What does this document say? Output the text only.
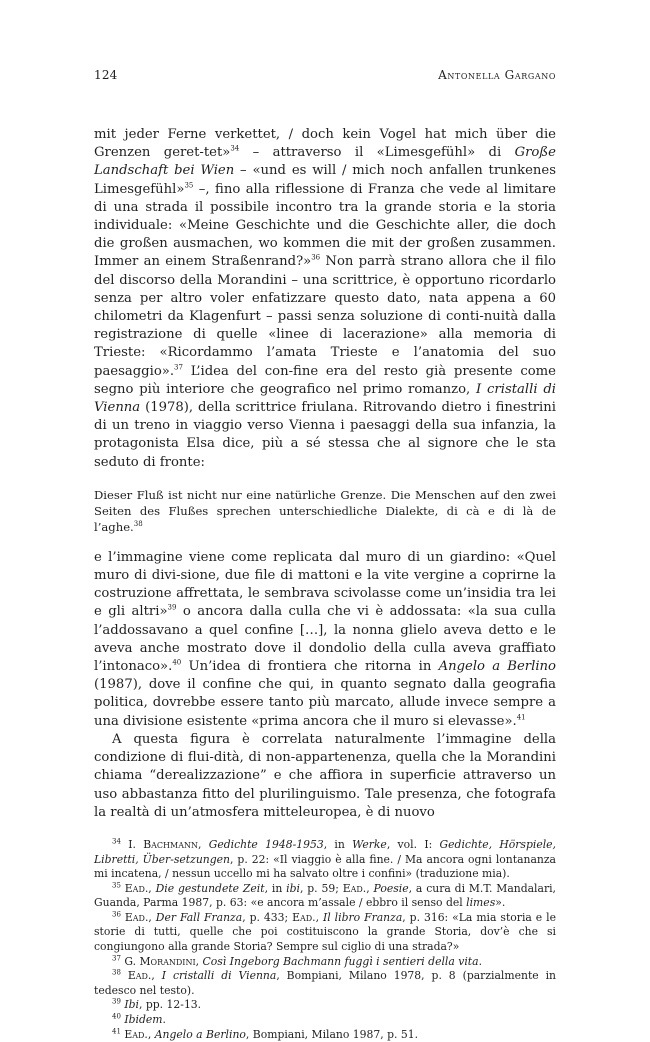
124	Antonella Gargano

mit jeder Ferne verkettet, / doch kein Vogel hat mich über die Grenzen geret-tet»$^{34}$ – attraverso il «Limesgefühl» di Große Landschaft bei Wien – «und es will / mich noch anfallen trunkenes Limesgefühl»$^{35}$ –, fino alla riflessione di Franza che vede al limitare di una strada il possibile incontro tra la grande storia e la storia individuale: «Meine Geschichte und die Geschichte aller, die doch die großen ausmachen, wo kommen die mit der großen zusammen. Immer an einem Straßenrand?»$^{36}$ Non parrà strano allora che il filo del discorso della Morandini – una scrittrice, è opportuno ricordarlo senza per altro voler enfatizzare questo dato, nata appena a 60 chilometri da Klagenfurt – passi senza soluzione di conti-nuità dalla registrazione di quelle «linee di lacerazione» alla memoria di Trieste: «Ricordammo l’amata Trieste e l’anatomia del suo paesaggio».$^{37}$ L’idea del con-fine era del resto già presente come segno più interiore che geografico nel primo romanzo, I cristalli di Vienna (1978), della scrittrice friulana. Ritrovando dietro i finestrini di un treno in viaggio verso Vienna i paesaggi della sua infanzia, la protagonista Elsa dice, più a sé stessa che al signore che le sta seduto di fronte:

Dieser Fluß ist nicht nur eine natürliche Grenze. Die Menschen auf den zwei Seiten des Flußes sprechen unterschiedliche Dialekte, di cà e di là de l’aghe.$^{38}$

e l’immagine viene come replicata dal muro di un giardino: «Quel muro di divi-sione, due file di mattoni e la vite vergine a coprirne la costruzione affrettata, le sembrava scivolasse come un’insidia tra lei e gli altri»$^{39}$ o ancora dalla culla che vi è addossata: «la sua culla l’addossavano a quel confine […], la nonna glielo aveva detto e le aveva anche mostrato dove il dondolio della culla aveva graffiato l’intonaco».$^{40}$ Un’idea di frontiera che ritorna in Angelo a Berlino (1987), dove il confine che qui, in quanto segnato dalla geografia politica, dovrebbe essere tanto più marcato, allude invece sempre a una divisione esistente «prima ancora che il muro si elevasse».$^{41}$

A questa figura è correlata naturalmente l’immagine della condizione di flui-dità, di non-appartenenza, quella che la Morandini chiama “derealizzazione” e che affiora in superficie attraverso un uso abbastanza fitto del plurilinguismo. Tale presenza, che fotografa la realtà di un’atmosfera mitteleuropea, è di nuovo

$^{34}$ I. Bachmann, Gedichte 1948-1953, in Werke, vol. I: Gedichte, Hörspiele, Libretti, Über-setzungen, p. 22: «Il viaggio è alla fine. / Ma ancora ogni lontananza mi incatena, / nessun uccello mi ha salvato oltre i confini» (traduzione mia).

$^{35}$ Ead., Die gestundete Zeit, in ibi, p. 59; Ead., Poesie, a cura di M.T. Mandalari, Guanda, Parma 1987, p. 63: «e ancora m’assale / ebbro il senso del limes».

$^{36}$ Ead., Der Fall Franza, p. 433; Ead., Il libro Franza, p. 316: «La mia storia e le storie di tutti, quelle che poi costituiscono la grande Storia, dov’è che si congiungono alla grande Storia? Sempre sul ciglio di una strada?»

$^{37}$ G. Morandini, Così Ingeborg Bachmann fuggì i sentieri della vita.

$^{38}$ Ead., I cristalli di Vienna, Bompiani, Milano 1978, p. 8 (parzialmente in tedesco nel testo).

$^{39}$ Ibi, pp. 12-13.

$^{40}$ Ibidem.

$^{41}$ Ead., Angelo a Berlino, Bompiani, Milano 1987, p. 51.
